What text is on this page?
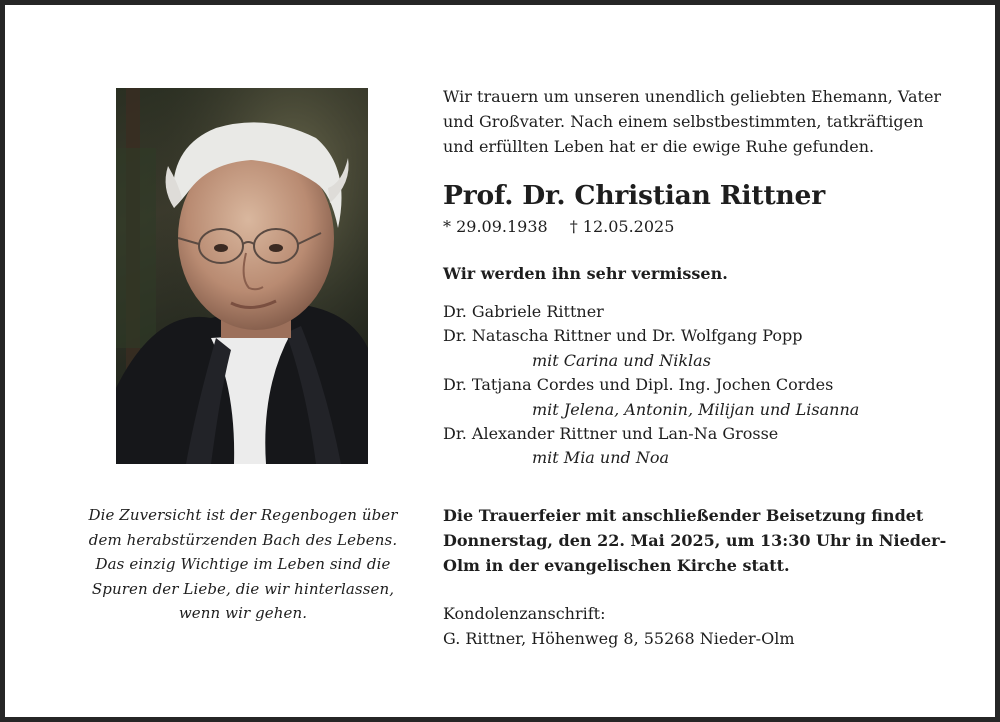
Die Zuversicht ist der Regenbogen über
dem herabstürzenden Bach des Lebens.
Das einzig Wichtige im Leben sind die
Spuren der Liebe, die wir hinterlassen,
wenn wir gehen.
Wir trauern um unseren unendlich geliebten Ehemann, Vater
und Großvater. Nach einem selbstbestimmten, tatkräftigen
und erfüllten Leben hat er die ewige Ruhe gefunden.
Prof. Dr. Christian Rittner
* 29.09.1938 † 12.05.2025
Wir werden ihn sehr vermissen.
Dr. Gabriele Rittner
Dr. Natascha Rittner und Dr. Wolfgang Popp
mit Carina und Niklas
Dr. Tatjana Cordes und Dipl. Ing. Jochen Cordes
mit Jelena, Antonin, Milijan und Lisanna
Dr. Alexander Rittner und Lan-Na Grosse
mit Mia und Noa
Die Trauerfeier mit anschließender Beisetzung findet
Donnerstag, den 22. Mai 2025, um 13:30 Uhr in Nieder-
Olm in der evangelischen Kirche statt.
Kondolenzanschrift:
G. Rittner, Höhenweg 8, 55268 Nieder-Olm
